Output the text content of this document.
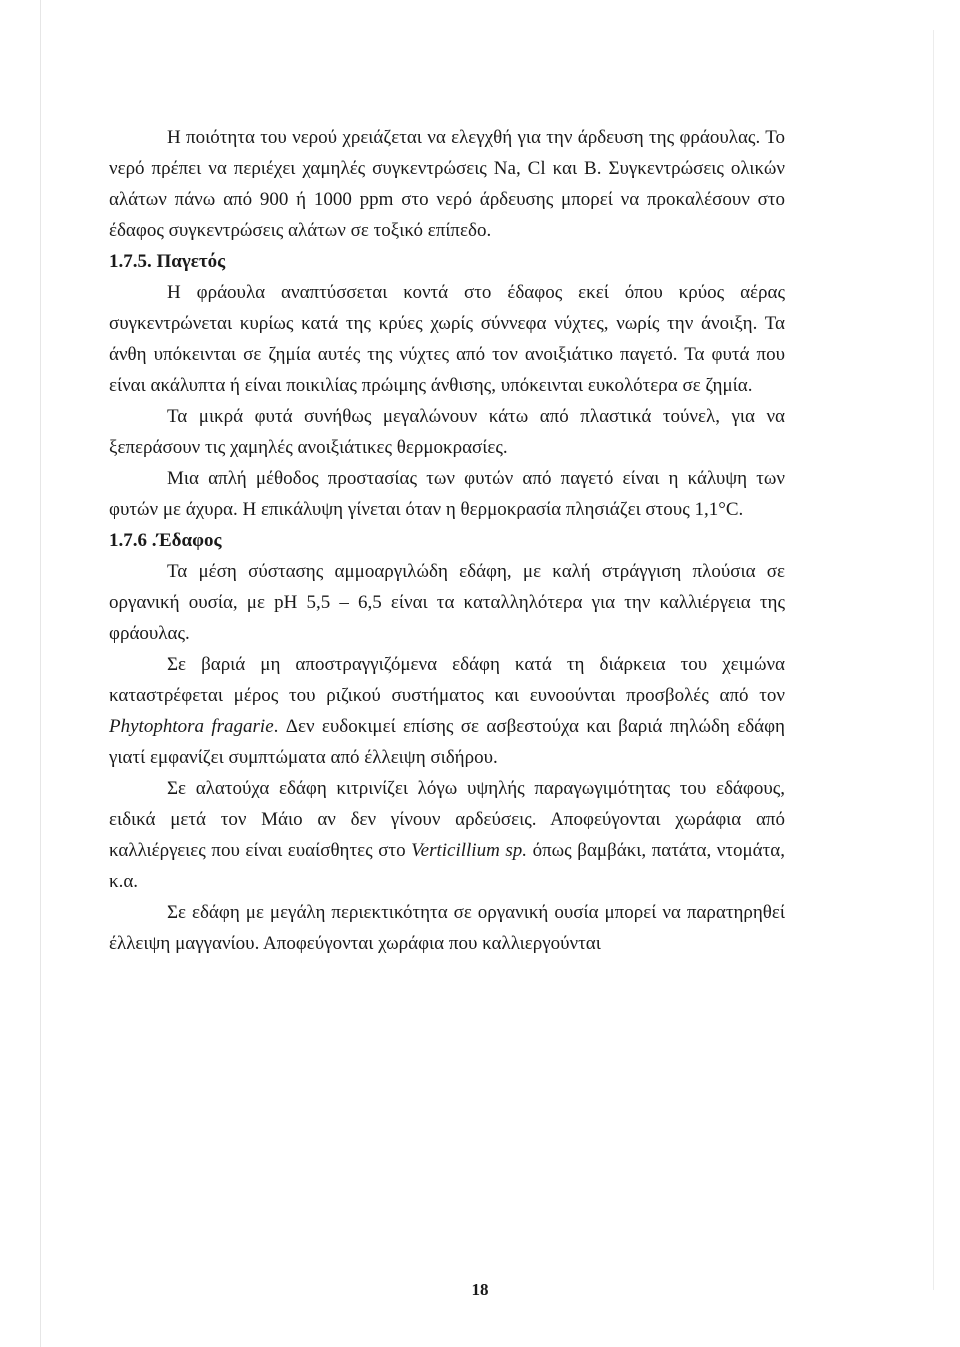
Η ποιότητα του νερού χρειάζεται να ελεγχθή για την άρδευση της φράουλας. Το νερό πρέπει να περιέχει χαμηλές συγκεντρώσεις Na, Cl και B. Συγκεντρώσεις ολικών αλάτων πάνω από 900 ή 1000 ppm στο νερό άρδευσης μπορεί να προκαλέσουν στο έδαφος συγκεντρώσεις αλάτων σε τοξικό επίπεδο.

1.7.5. Παγετός

Η φράουλα αναπτύσσεται κοντά στο έδαφος εκεί όπου κρύος αέρας συγκεντρώνεται κυρίως κατά της κρύες χωρίς σύννεφα νύχτες, νωρίς την άνοιξη. Τα άνθη υπόκεινται σε ζημία αυτές της νύχτες από τον ανοιξιάτικο παγετό. Τα φυτά που είναι ακάλυπτα ή είναι ποικιλίας πρώιμης άνθισης, υπόκεινται ευκολότερα σε ζημία.

Τα μικρά φυτά συνήθως μεγαλώνουν κάτω από πλαστικά τούνελ, για να ξεπεράσουν τις χαμηλές ανοιξιάτικες θερμοκρασίες.

Μια απλή μέθοδος προστασίας των φυτών από παγετό είναι η κάλυψη των φυτών με άχυρα. Η επικάλυψη γίνεται όταν η θερμοκρασία πλησιάζει στους 1,1°C.

1.7.6 .Έδαφος

Τα μέση σύστασης αμμοαργιλώδη εδάφη, με καλή στράγγιση πλούσια σε οργανική ουσία, με pH 5,5 – 6,5 είναι τα καταλληλότερα για την καλλιέργεια της φράουλας.

Σε βαριά μη αποστραγγιζόμενα εδάφη κατά τη διάρκεια του χειμώνα καταστρέφεται μέρος του ριζικού συστήματος και ευνοούνται προσβολές από τον Phytophtora fragarie. Δεν ευδοκιμεί επίσης σε ασβεστούχα και βαριά πηλώδη εδάφη γιατί εμφανίζει συμπτώματα από έλλειψη σιδήρου.

Σε αλατούχα εδάφη κιτρινίζει λόγω υψηλής παραγωγιμότητας του εδάφους, ειδικά μετά τον Μάιο αν δεν γίνουν αρδεύσεις. Αποφεύγονται χωράφια από καλλιέργειες που είναι ευαίσθητες στο Verticillium sp. όπως βαμβάκι, πατάτα, ντομάτα, κ.α.

Σε εδάφη με μεγάλη περιεκτικότητα σε οργανική ουσία μπορεί να παρατηρηθεί έλλειψη μαγγανίου. Αποφεύγονται χωράφια που καλλιεργούνται

18
